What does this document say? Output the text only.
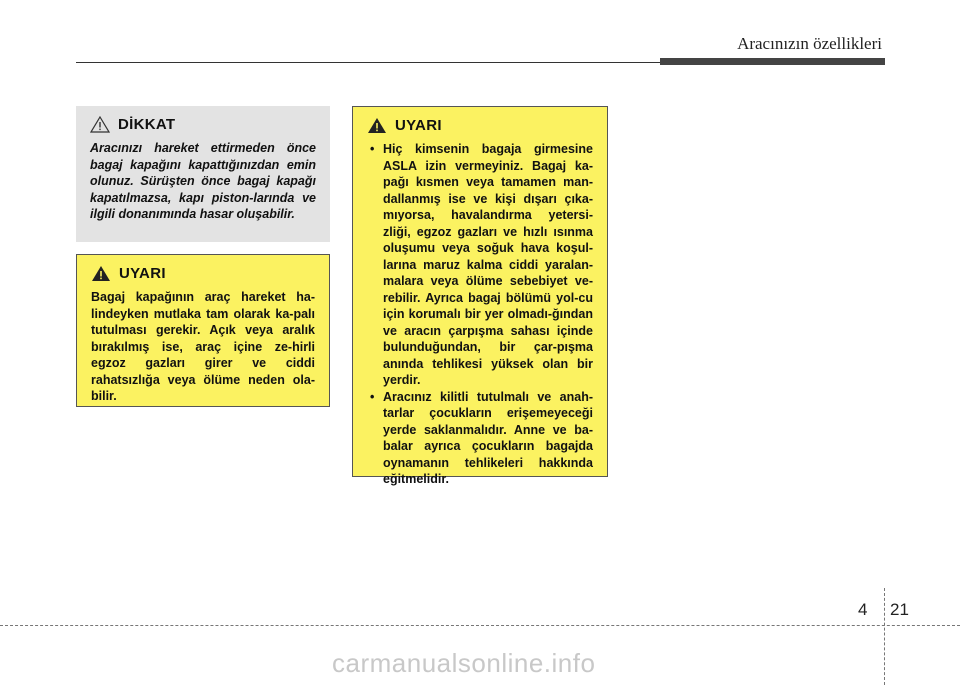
Aracınızın özellikleri
DİKKAT

Aracınızı hareket ettirmeden önce bagaj kapağını kapattığınızdan emin olunuz. Sürüşten önce bagaj kapağı kapatılmazsa, kapı piston-larında ve ilgili donanımında hasar oluşabilir.

UYARI

Bagaj kapağının araç hareket ha-lindeyken mutlaka tam olarak ka-palı tutulması gerekir. Açık veya aralık bırakılmış ise, araç içine ze-hirli egzoz gazları girer ve ciddi rahatsızlığa veya ölüme neden ola-bilir.

UYARI
• Hiç kimsenin bagaja girmesine ASLA izin vermeyiniz. Bagaj ka-pağı kısmen veya tamamen man-dallanmış ise ve kişi dışarı çıka-mıyorsa, havalandırma yetersi-zliği, egzoz gazları ve hızlı ısınma oluşumu veya soğuk hava koşul-larına maruz kalma ciddi yaralan-malara veya ölüme sebebiyet ve-rebilir. Ayrıca bagaj bölümü yol-cu için korumalı bir yer olmadı-ğından ve aracın çarpışma sahası içinde bulunduğundan, bir çar-pışma anında tehlikesi yüksek olan bir yerdir.
• Aracınız kilitli tutulmalı ve anah-tarlar çocukların erişemeyeceği yerde saklanmalıdır. Anne ve ba-balar ayrıca çocukların bagajda oynamanın tehlikeleri hakkında eğitmelidir.
4 21
carmanualsonline.info
